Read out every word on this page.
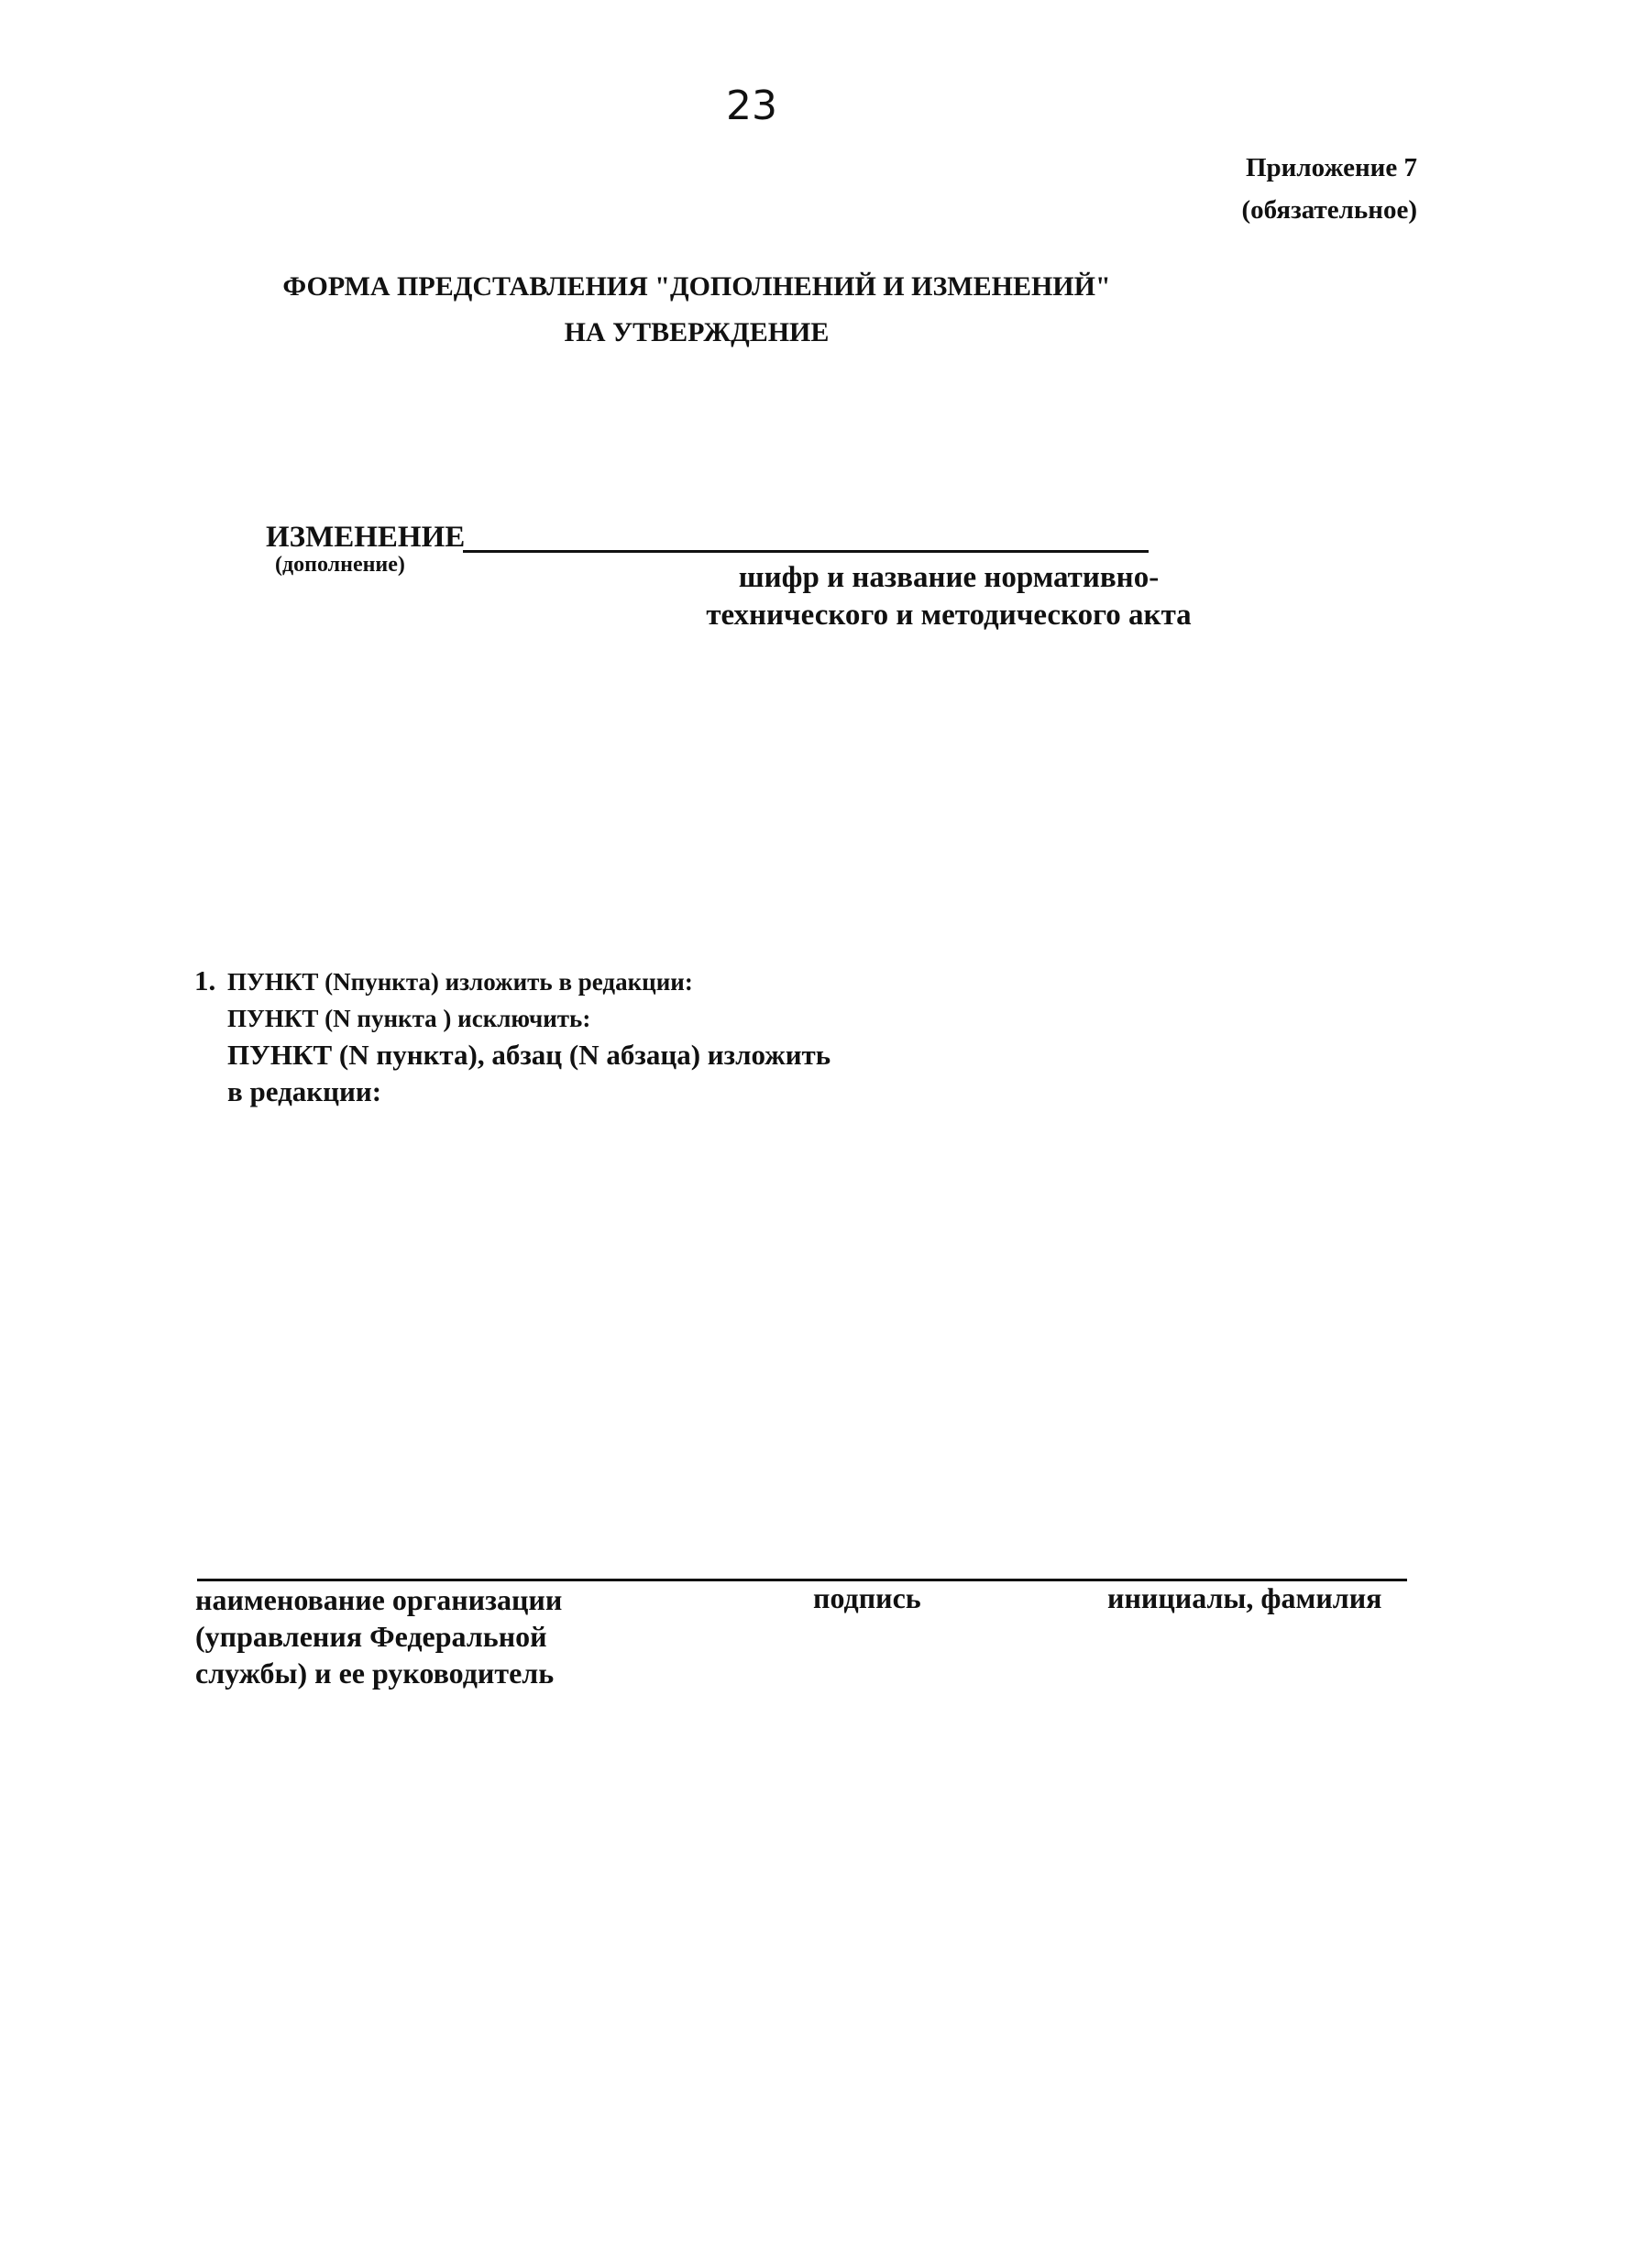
23
Приложение 7
(обязательное)
ФОРМА ПРЕДСТАВЛЕНИЯ "ДОПОЛНЕНИЙ И ИЗМЕНЕНИЙ"
НА УТВЕРЖДЕНИЕ
ИЗМЕНЕНИЕ
(дополнение)	шифр и название нормативно-
технического и методического акта
1. ПУНКТ (Nпункта) изложить в редакции:
ПУНКТ (N пункта ) исключить:
ПУНКТ (N пункта), абзац (N абзаца) изложить
в редакции:
наименование организации
(управления Федеральной
службы) и ее руководитель
подпись	инициалы, фамилия
